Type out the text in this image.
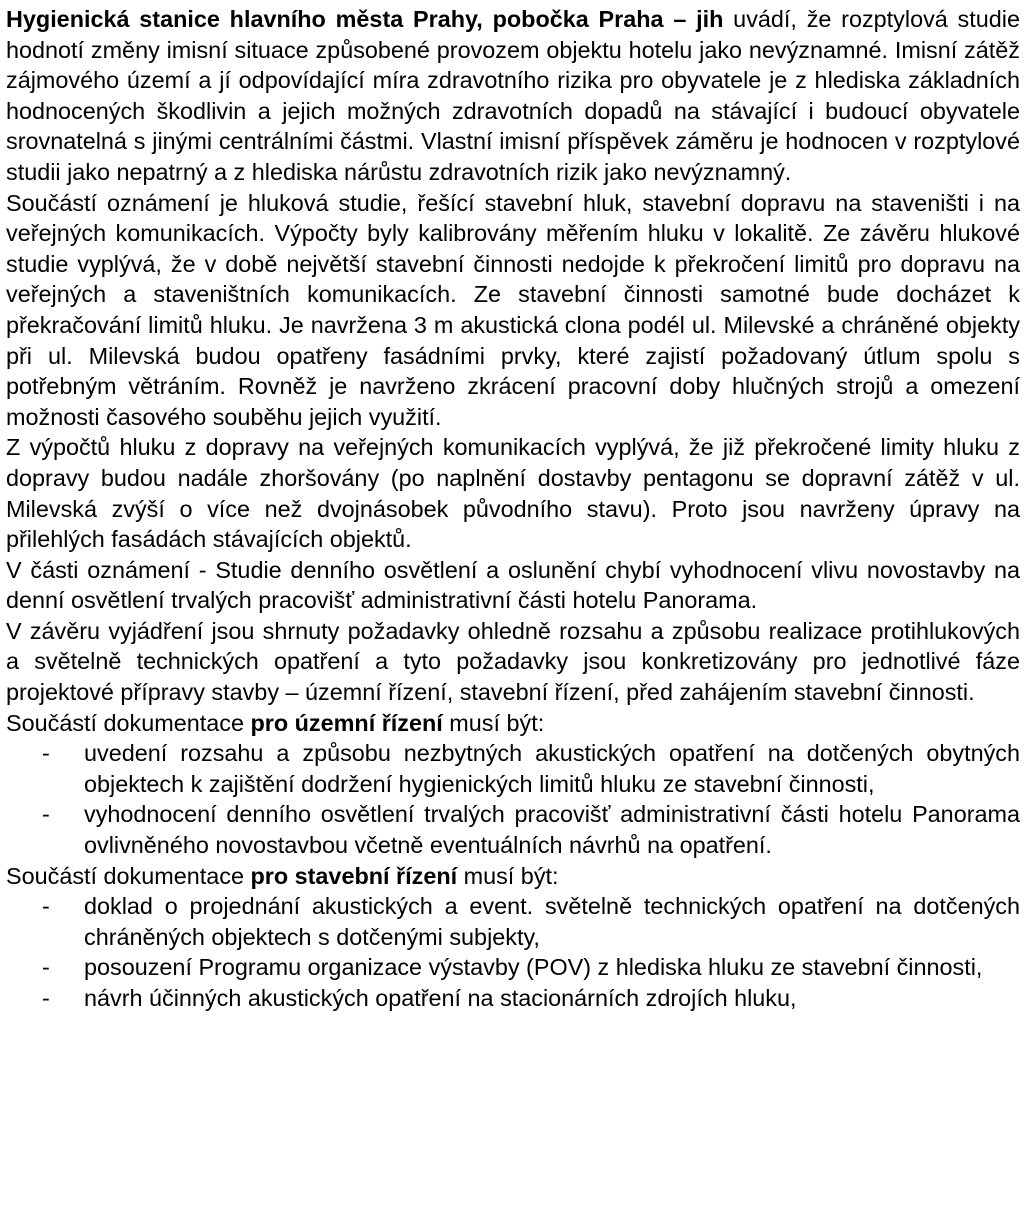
Hygienická stanice hlavního města Prahy, pobočka Praha – jih uvádí, že rozptylová studie hodnotí změny imisní situace způsobené provozem objektu hotelu jako nevýznamné. Imisní zátěž zájmového území a jí odpovídající míra zdravotního rizika pro obyvatele je z hlediska základních hodnocených škodlivin a jejich možných zdravotních dopadů na stávající i budoucí obyvatele srovnatelná s jinými centrálními částmi. Vlastní imisní příspěvek záměru je hodnocen v rozptylové studii jako nepatrný a z hlediska nárůstu zdravotních rizik jako nevýznamný.

Součástí oznámení je hluková studie, řešící stavební hluk, stavební dopravu na staveništi i na veřejných komunikacích. Výpočty byly kalibrovány měřením hluku v lokalitě. Ze závěru hlukové studie vyplývá, že v době největší stavební činnosti nedojde k překročení limitů pro dopravu na veřejných a staveništních komunikacích. Ze stavební činnosti samotné bude docházet k překračování limitů hluku. Je navržena 3 m akustická clona podél ul. Milevské a chráněné objekty při ul. Milevská budou opatřeny fasádními prvky, které zajistí požadovaný útlum spolu s potřebným větráním. Rovněž je navrženo zkrácení pracovní doby hlučných strojů a omezení možnosti časového souběhu jejich využití.

Z výpočtů hluku z dopravy na veřejných komunikacích vyplývá, že již překročené limity hluku z dopravy budou nadále zhoršovány (po naplnění dostavby pentagonu se dopravní zátěž v ul. Milevská zvýší o více než dvojnásobek původního stavu). Proto jsou navrženy úpravy na přilehlých fasádách stávajících objektů.

V části oznámení - Studie denního osvětlení a oslunění chybí vyhodnocení vlivu novostavby na denní osvětlení trvalých pracovišť administrativní části hotelu Panorama.

V závěru vyjádření jsou shrnuty požadavky ohledně rozsahu a způsobu realizace protihlukových a světelně technických opatření a tyto požadavky jsou konkretizovány pro jednotlivé fáze projektové přípravy stavby – územní řízení, stavební řízení, před zahájením stavební činnosti.

Součástí dokumentace pro územní řízení musí být:

- uvedení rozsahu a způsobu nezbytných akustických opatření na dotčených obytných objektech k zajištění dodržení hygienických limitů hluku ze stavební činnosti,
- vyhodnocení denního osvětlení trvalých pracovišť administrativní části hotelu Panorama ovlivněného novostavbou včetně eventuálních návrhů na opatření.

Součástí dokumentace pro stavební řízení musí být:

- doklad o projednání akustických a event. světelně technických opatření na dotčených chráněných objektech s dotčenými subjekty,
- posouzení Programu organizace výstavby (POV) z hlediska hluku ze stavební činnosti,
- návrh účinných akustických opatření na stacionárních zdrojích hluku,
